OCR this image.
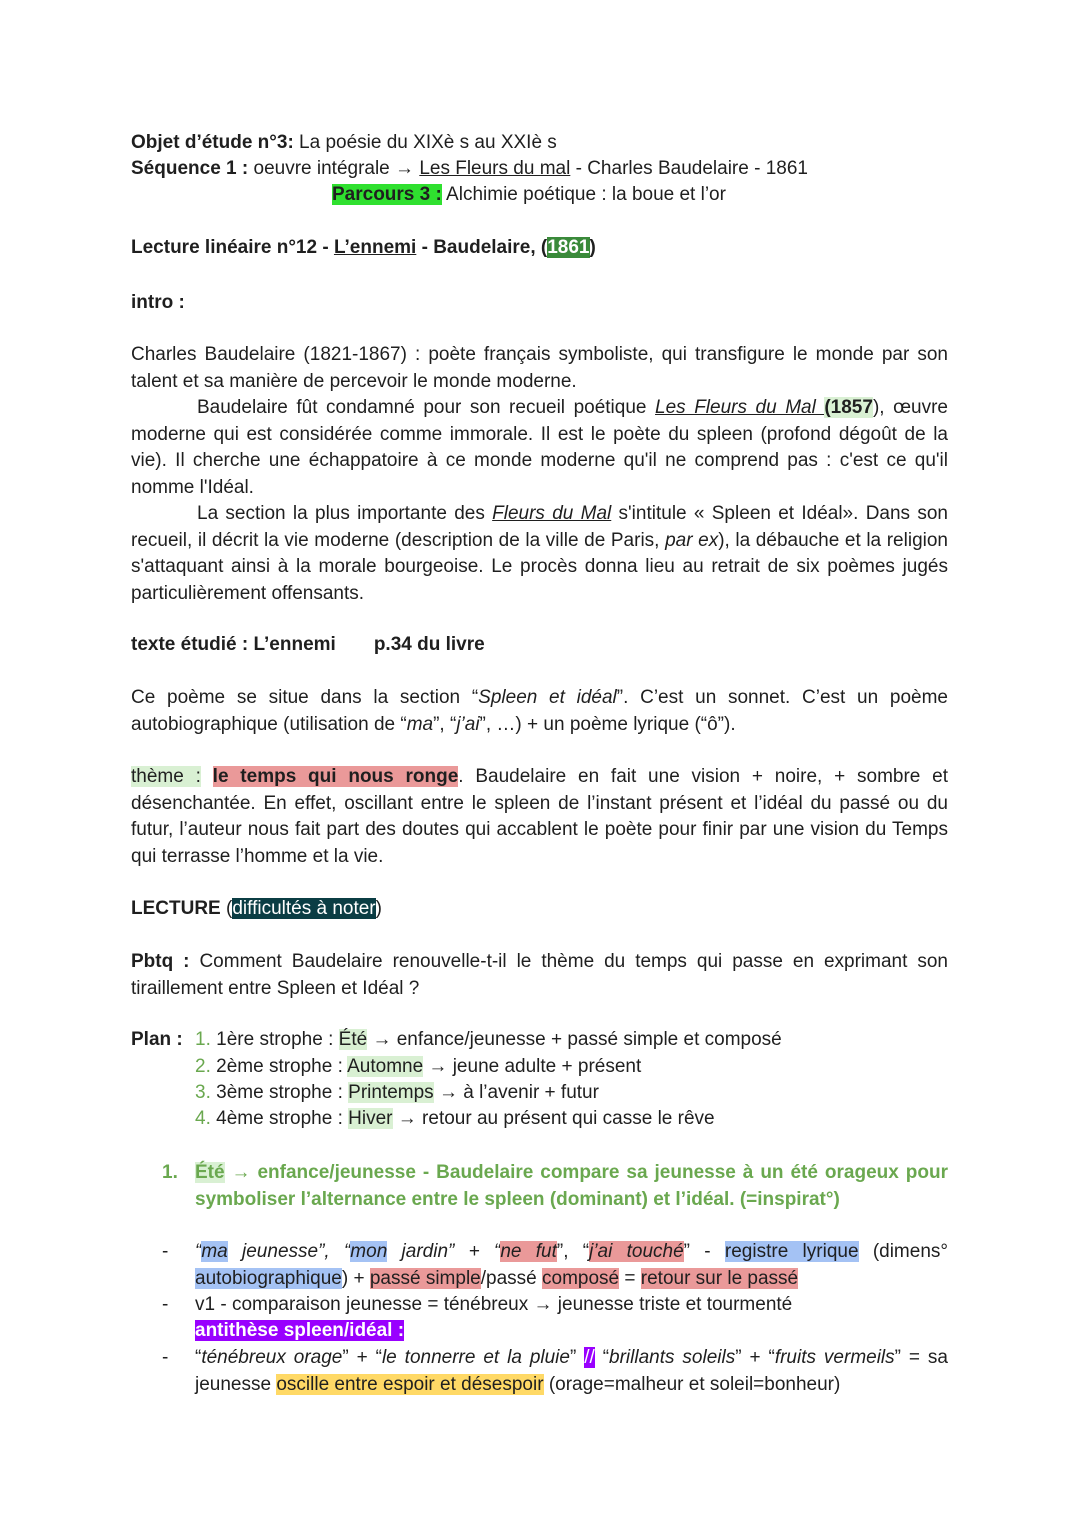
Objet d’étude n°3: La poésie du XIXè s au XXIè s
Séquence 1 : oeuvre intégrale → Les Fleurs du mal - Charles Baudelaire - 1861
Parcours 3 : Alchimie poétique : la boue et l’or
Lecture linéaire n°12 - L’ennemi - Baudelaire, (1861)
intro :
Charles Baudelaire (1821-1867) : poète français symboliste, qui transfigure le monde par son talent et sa manière de percevoir le monde moderne.
Baudelaire fût condamné pour son recueil poétique Les Fleurs du Mal (1857), œuvre moderne qui est considérée comme immorale. Il est le poète du spleen (profond dégoût de la vie). Il cherche une échappatoire à ce monde moderne qu'il ne comprend pas : c'est ce qu'il nomme l'Idéal.
La section la plus importante des Fleurs du Mal s'intitule « Spleen et Idéal». Dans son recueil, il décrit la vie moderne (description de la ville de Paris, par ex), la débauche et la religion s'attaquant ainsi à la morale bourgeoise. Le procès donna lieu au retrait de six poèmes jugés particulièrement offensants.
texte étudié : L’ennemi p.34 du livre
Ce poème se situe dans la section “Spleen et idéal”. C’est un sonnet. C’est un poème autobiographique (utilisation de “ma”, “j’ai”, …) + un poème lyrique (“ô”).
thème : le temps qui nous ronge. Baudelaire en fait une vision + noire, + sombre et désenchantée. En effet, oscillant entre le spleen de l’instant présent et l’idéal du passé ou du futur, l’auteur nous fait part des doutes qui accablent le poète pour finir par une vision du Temps qui terrasse l’homme et la vie.
LECTURE (difficultés à noter)
Pbtq : Comment Baudelaire renouvelle-t-il le thème du temps qui passe en exprimant son tiraillement entre Spleen et Idéal ?
Plan : 1. 1ère strophe : Été → enfance/jeunesse + passé simple et composé
2. 2ème strophe : Automne → jeune adulte + présent
3. 3ème strophe : Printemps → à l’avenir + futur
4. 4ème strophe : Hiver → retour au présent qui casse le rêve
1. Été → enfance/jeunesse - Baudelaire compare sa jeunesse à un été orageux pour symboliser l’alternance entre le spleen (dominant) et l’idéal. (=inspirat°)
- “ma jeunesse”, “mon jardin” + “ne fut”, “j’ai touché” - registre lyrique (dimens° autobiographique) + passé simple/passé composé = retour sur le passé
- v1 - comparaison jeunesse = ténébreux → jeunesse triste et tourmenté
antithèse spleen/idéal :
- “ténébreux orage” + “le tonnerre et la pluie” // “brillants soleils” + “fruits vermeils” = sa jeunesse oscille entre espoir et désespoir (orage=malheur et soleil=bonheur)
